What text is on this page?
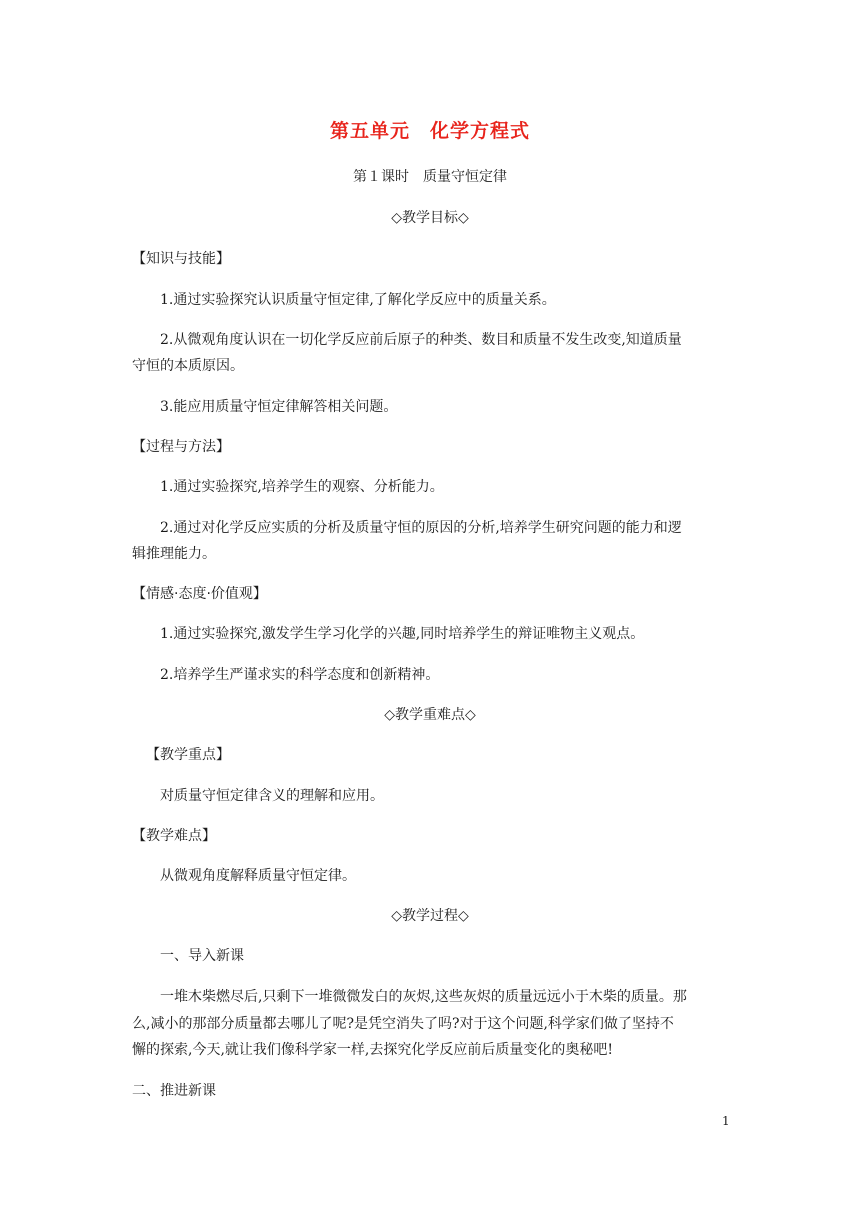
第五单元　化学方程式
第１课时　质量守恒定律
◇教学目标◇
【知识与技能】
1.通过实验探究认识质量守恒定律,了解化学反应中的质量关系。
2.从微观角度认识在一切化学反应前后原子的种类、数目和质量不发生改变,知道质量
守恒的本质原因。
3.能应用质量守恒定律解答相关问题。
【过程与方法】
1.通过实验探究,培养学生的观察、分析能力。
2.通过对化学反应实质的分析及质量守恒的原因的分析,培养学生研究问题的能力和逻
辑推理能力。
【情感·态度·价值观】
1.通过实验探究,激发学生学习化学的兴趣,同时培养学生的辩证唯物主义观点。
2.培养学生严谨求实的科学态度和创新精神。
◇教学重难点◇
【教学重点】
对质量守恒定律含义的理解和应用。
【教学难点】
从微观角度解释质量守恒定律。
◇教学过程◇
一、导入新课
一堆木柴燃尽后,只剩下一堆微微发白的灰烬,这些灰烬的质量远远小于木柴的质量。那
么,减小的那部分质量都去哪儿了呢?是凭空消失了吗?对于这个问题,科学家们做了坚持不
懈的探索,今天,就让我们像科学家一样,去探究化学反应前后质量变化的奥秘吧!
二、推进新课
1
